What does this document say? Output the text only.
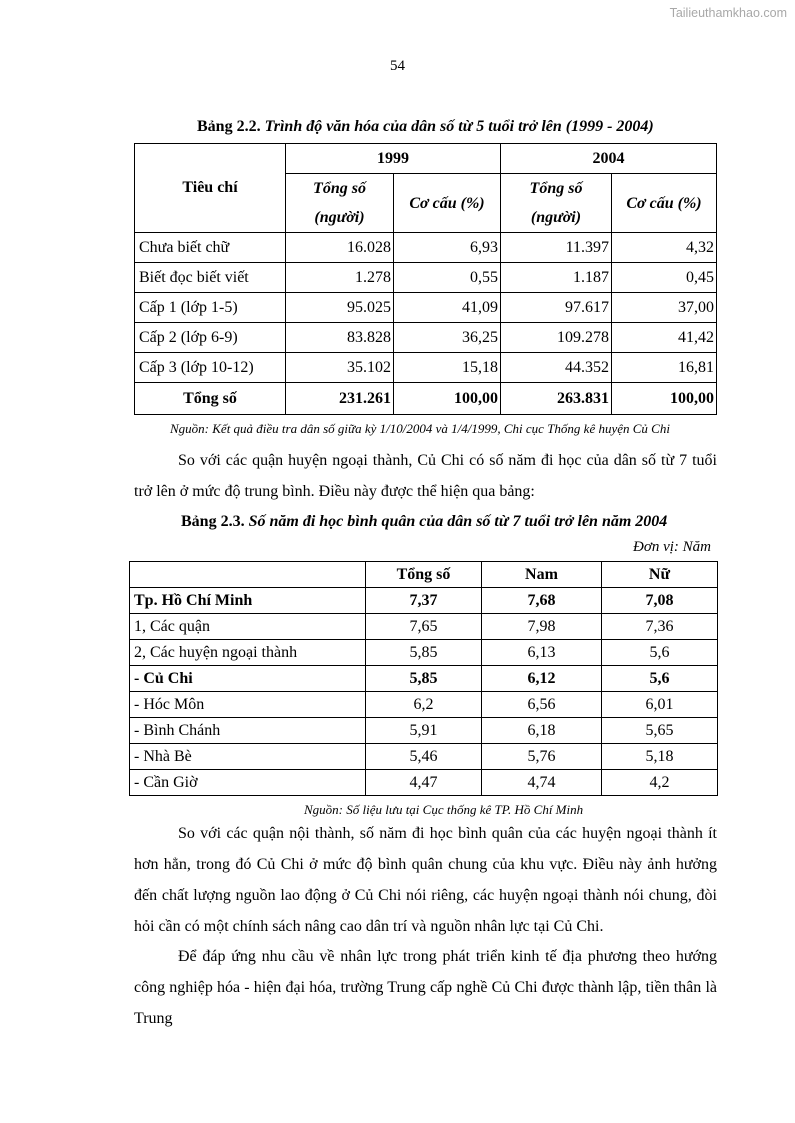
Tailieuthamkhao.com
54
Bảng 2.2. Trình độ văn hóa của dân số từ 5 tuổi trở lên (1999 - 2004)
Tiêu chí	1999		2004	
	Tổng số (người)	Cơ cấu (%)	Tổng số (người)	Cơ cấu (%)
Chưa biết chữ	16.028	6,93	11.397	4,32
Biết đọc biết viết	1.278	0,55	1.187	0,45
Cấp 1 (lớp 1-5)	95.025	41,09	97.617	37,00
Cấp 2 (lớp 6-9)	83.828	36,25	109.278	41,42
Cấp 3 (lớp 10-12)	35.102	15,18	44.352	16,81
Tổng số	231.261	100,00	263.831	100,00
Nguồn: Kết quả điều tra dân số giữa kỳ 1/10/2004 và 1/4/1999, Chi cục Thống kê huyện Củ Chi

So với các quận huyện ngoại thành, Củ Chi có số năm đi học của dân số từ 7 tuổi trở lên ở mức độ trung bình. Điều này được thể hiện qua bảng:

Bảng 2.3. Số năm đi học bình quân của dân số từ 7 tuổi trở lên năm 2004
Đơn vị: Năm
	Tổng số	Nam	Nữ
Tp. Hồ Chí Minh	7,37	7,68	7,08
1, Các quận	7,65	7,98	7,36
2, Các huyện ngoại thành	5,85	6,13	5,6
- Củ Chi	5,85	6,12	5,6
- Hóc Môn	6,2	6,56	6,01
- Bình Chánh	5,91	6,18	5,65
- Nhà Bè	5,46	5,76	5,18
- Cần Giờ	4,47	4,74	4,2
Nguồn: Số liệu lưu tại Cục thống kê TP. Hồ Chí Minh

So với các quận nội thành, số năm đi học bình quân của các huyện ngoại thành ít hơn hẳn, trong đó Củ Chi ở mức độ bình quân chung của khu vực. Điều này ảnh hưởng đến chất lượng nguồn lao động ở Củ Chi nói riêng, các huyện ngoại thành nói chung, đòi hỏi cần có một chính sách nâng cao dân trí và nguồn nhân lực tại Củ Chi.

Để đáp ứng nhu cầu về nhân lực trong phát triển kinh tế địa phương theo hướng công nghiệp hóa - hiện đại hóa, trường Trung cấp nghề Củ Chi được thành lập, tiền thân là Trung
